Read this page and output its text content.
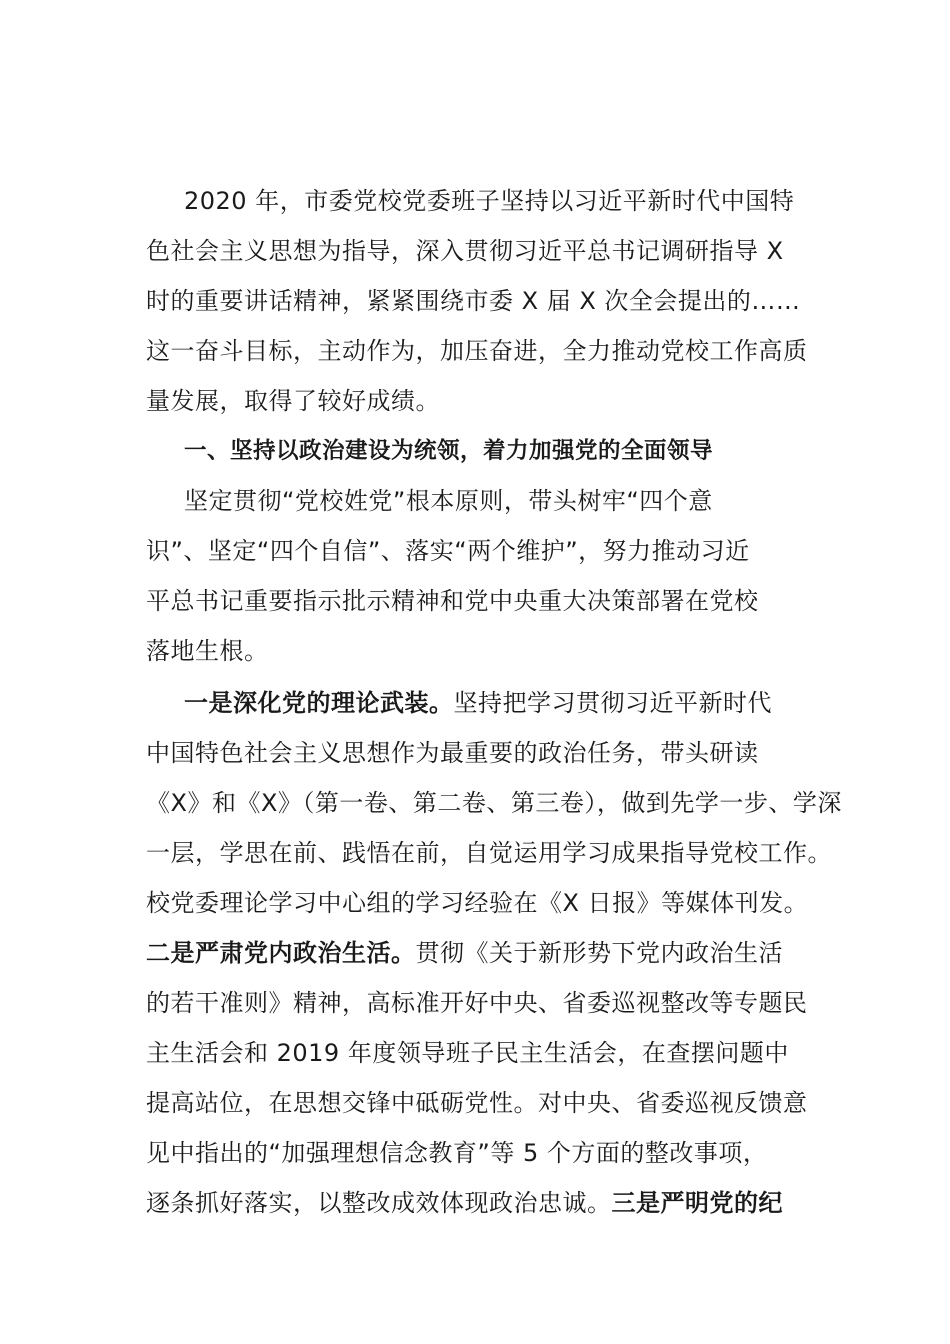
2020 年，市委党校党委班子坚持以习近平新时代中国特
色社会主义思想为指导，深入贯彻习近平总书记调研指导 X
时的重要讲话精神，紧紧围绕市委 X 届 X 次全会提出的……
这一奋斗目标，主动作为，加压奋进，全力推动党校工作高质
量发展，取得了较好成绩。
一、坚持以政治建设为统领，着力加强党的全面领导
坚定贯彻“党校姓党”根本原则，带头树牢“四个意
识”、坚定“四个自信”、落实“两个维护”，努力推动习近
平总书记重要指示批示精神和党中央重大决策部署在党校
落地生根。
一是深化党的理论武装。坚持把学习贯彻习近平新时代
中国特色社会主义思想作为最重要的政治任务，带头研读
《X》和《X》（第一卷、第二卷、第三卷），做到先学一步、学深
一层，学思在前、践悟在前，自觉运用学习成果指导党校工作。
校党委理论学习中心组的学习经验在《X 日报》等媒体刊发。
二是严肃党内政治生活。贯彻《关于新形势下党内政治生活
的若干准则》精神，高标准开好中央、省委巡视整改等专题民
主生活会和 2019 年度领导班子民主生活会，在查摆问题中
提高站位，在思想交锋中砥砺党性。对中央、省委巡视反馈意
见中指出的“加强理想信念教育”等 5 个方面的整改事项，
逐条抓好落实，以整改成效体现政治忠诚。三是严明党的纪
